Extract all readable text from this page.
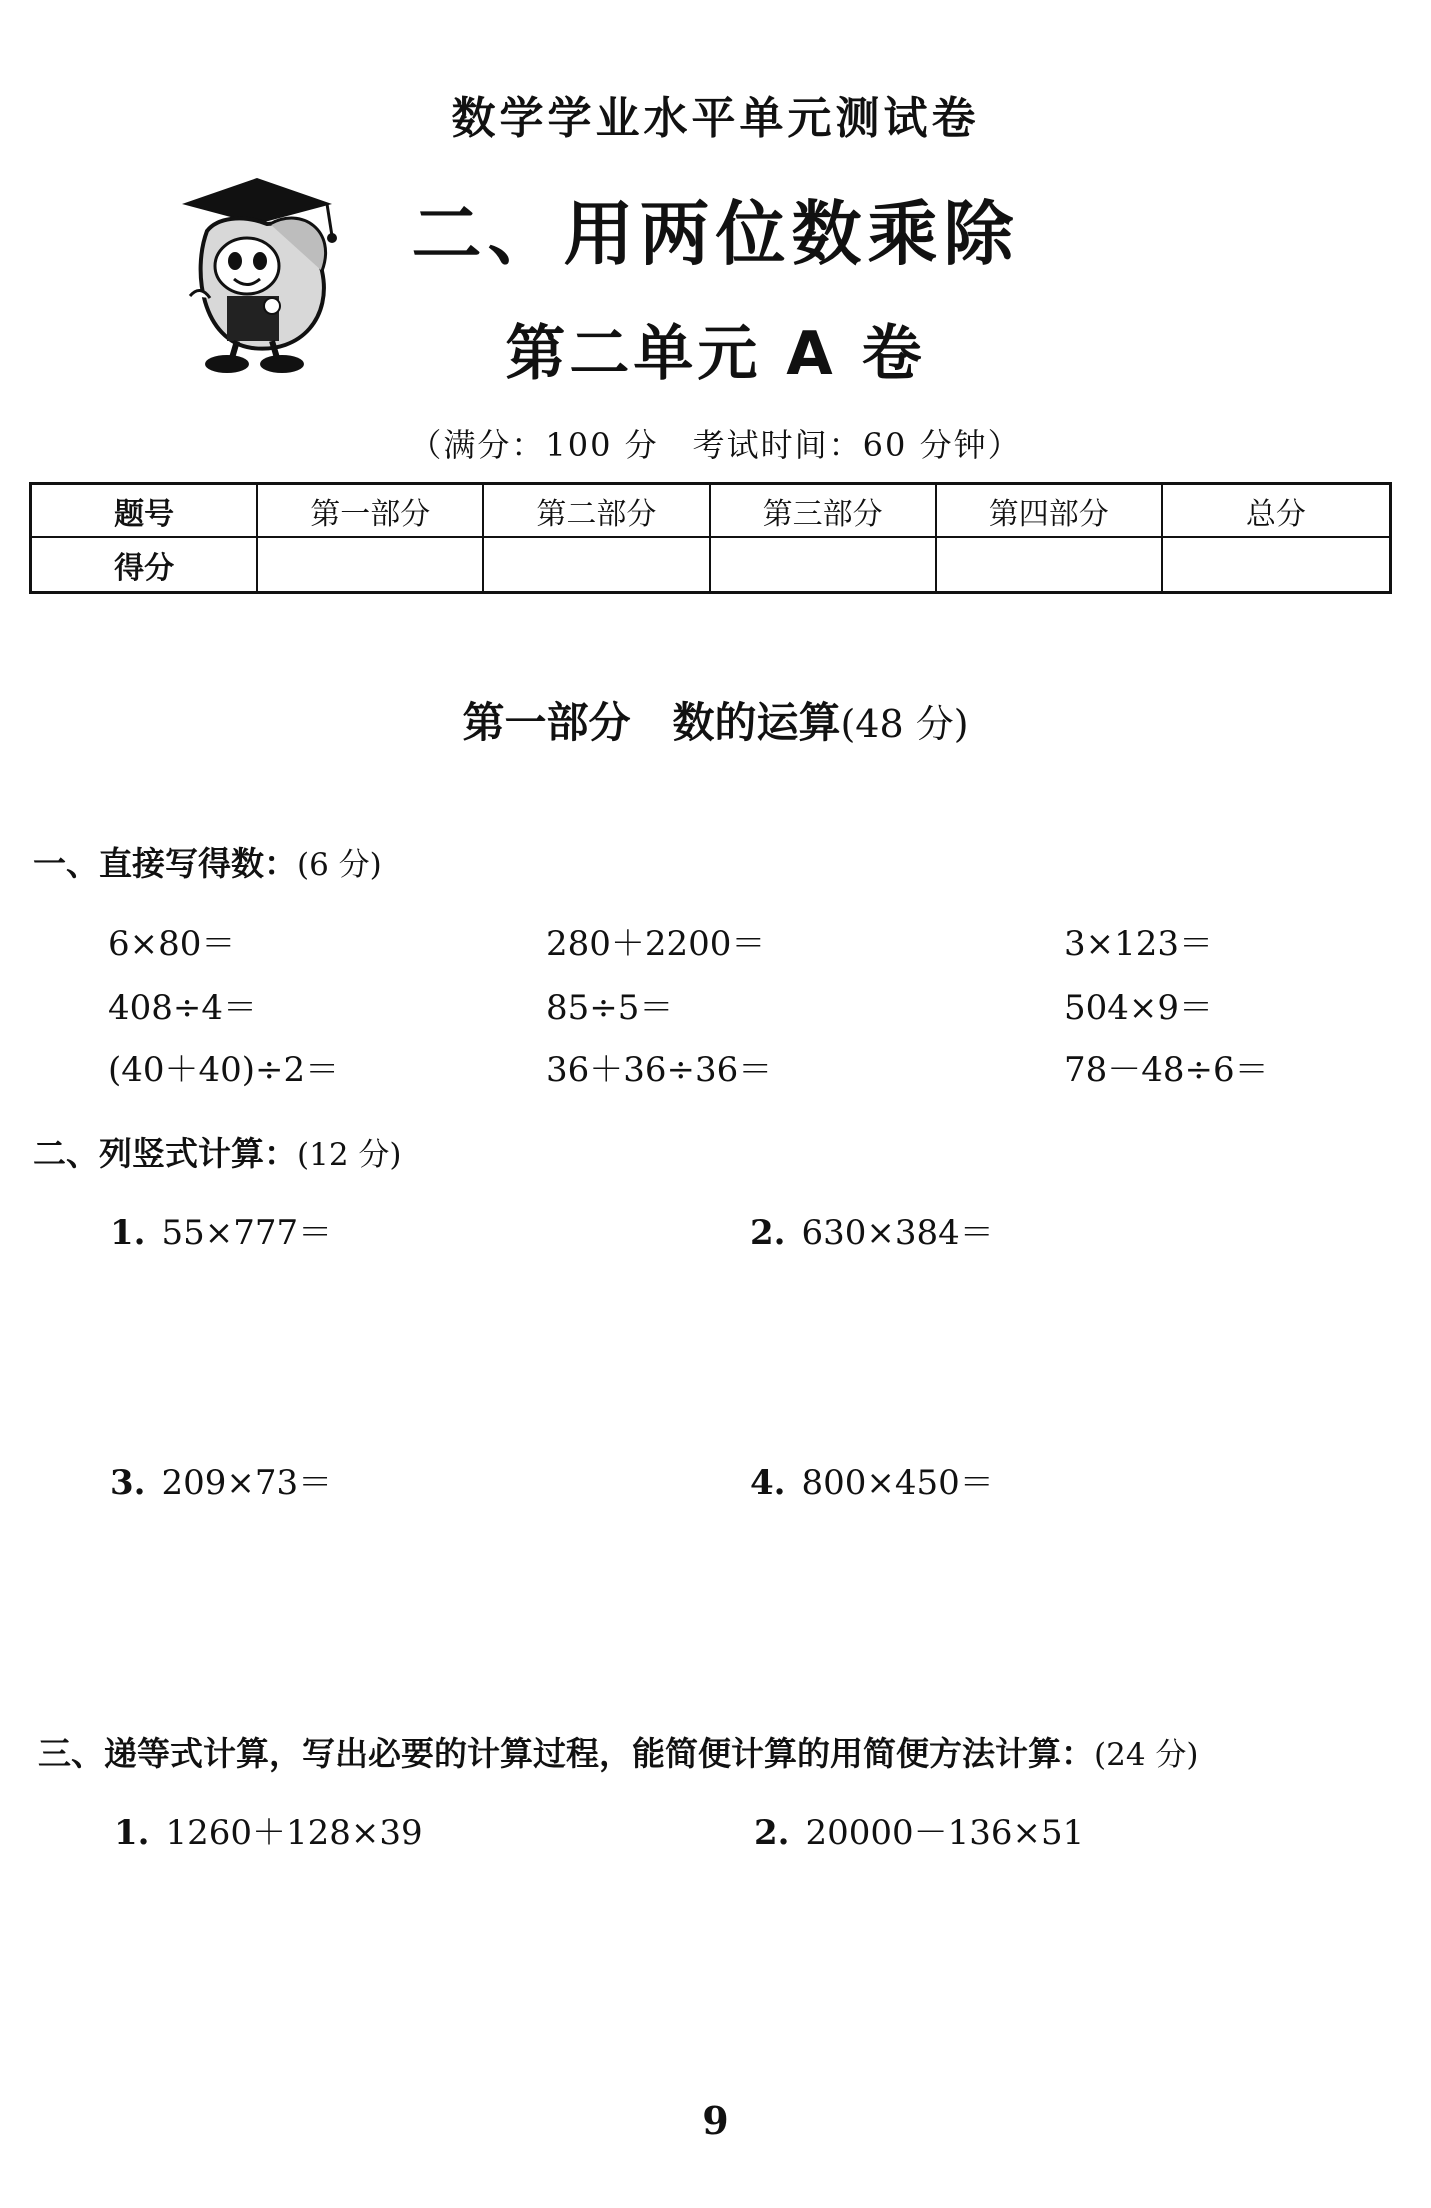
数学学业水平单元测试卷
二、用两位数乘除
第二单元 A 卷
（满分：100 分　考试时间：60 分钟）
题号	第一部分	第二部分	第三部分	第四部分	总分
得分
第一部分　数的运算(48 分)
一、直接写得数：(6 分)
6×80＝	280＋2200＝	3×123＝
408÷4＝	85÷5＝	504×9＝
(40＋40)÷2＝	36＋36÷36＝	78－48÷6＝
二、列竖式计算：(12 分)
1. 55×777＝	2. 630×384＝
3. 209×73＝	4. 800×450＝
三、递等式计算，写出必要的计算过程，能简便计算的用简便方法计算：(24 分)
1. 1260＋128×39	2. 20000－136×51
9
